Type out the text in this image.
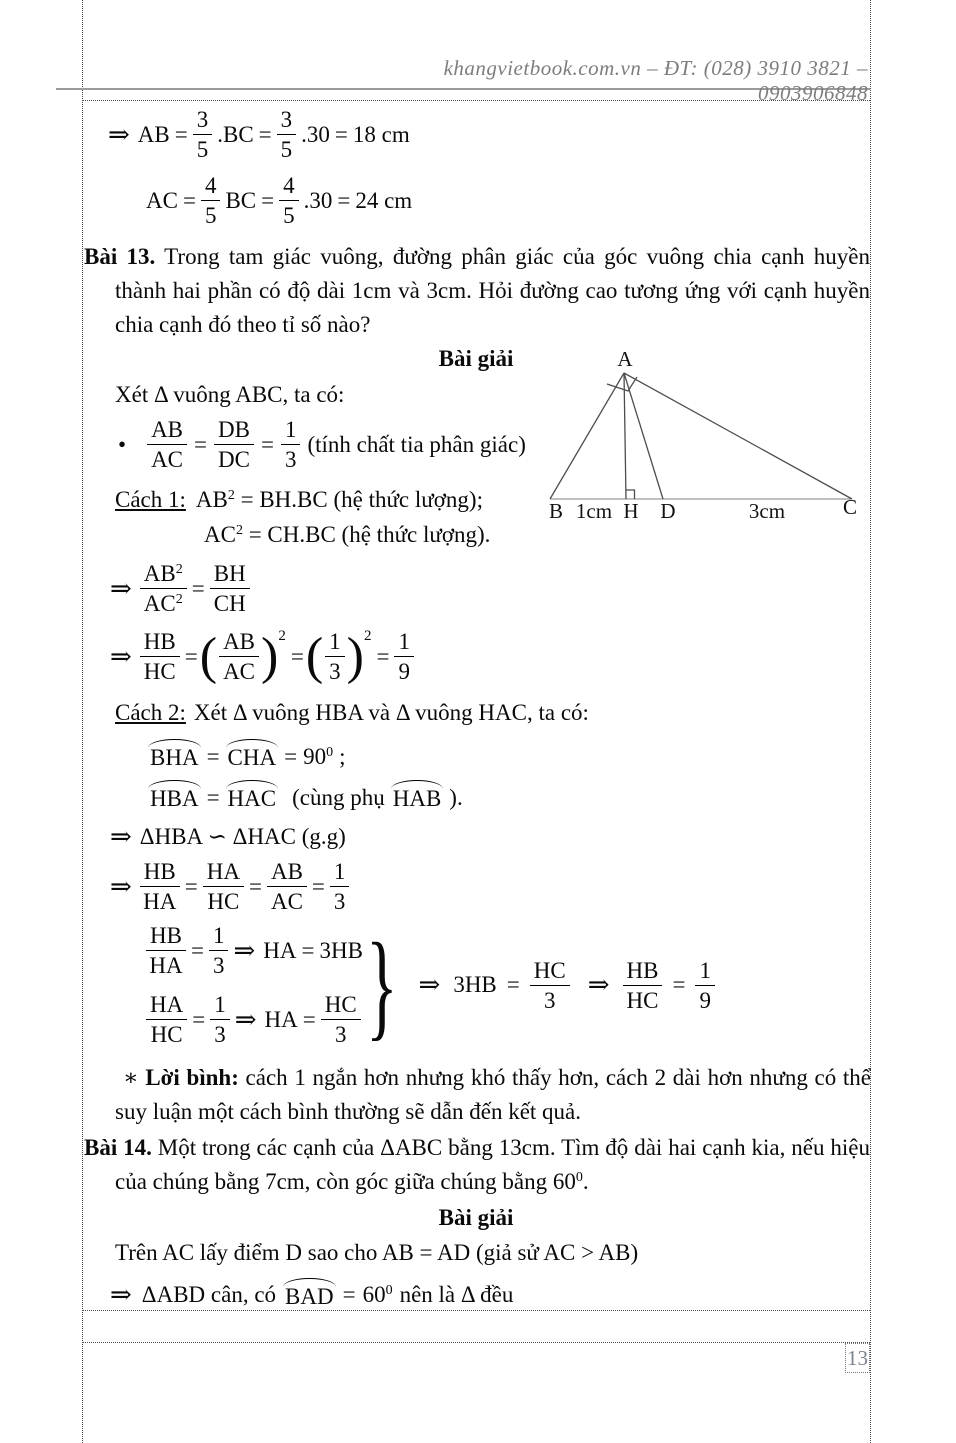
khangvietbook.com.vn – ĐT: (028) 3910 3821 – 0903906848
⇒ AB = $\frac{3}{5} .BC = \frac{3}{5} .30 = 18$ cm
AC = $\frac{4}{5}$ BC = $\frac{4}{5} .30 = 24$ cm
Bài 13. Trong tam giác vuông, đường phân giác của góc vuông chia cạnh huyền thành hai phần có độ dài 1cm và 3cm. Hỏi đường cao tương ứng với cạnh huyền chia cạnh đó theo tỉ số nào?
Bài giải	A
B 1cm H D	3cm	C
Xét Δ vuông ABC, ta có:
• $\frac{AB}{AC} = \frac{DB}{DC} = \frac{1}{3}$ (tính chất tia phân giác)
Cách 1: $AB^2 = BH.BC$ (hệ thức lượng);
$AC^2 = CH.BC$ (hệ thức lượng).
⇒ $\frac{AB^2}{AC^2} = \frac{BH}{CH}$
⇒ $\frac{HB}{HC}$ = ( $\frac{AB}{AC}$ ) 2
= ( $\frac{1}{3}$ ) 2
= $\frac{1}{9}$
Cách 2: Xét Δ vuông HBA và Δ vuông HAC, ta có:
BHA = CHA = $90^0$ ;
HBA = HAC (cùng phụ HAB ).
⇒ ΔHBA ∽ ΔHAC (g.g)
⇒ $\frac{HB}{HA} = \frac{HA}{HC} = \frac{AB}{AC} = \frac{1}{3}$
$\frac{HB}{HA} = \frac{1}{3}$ ⇒ HA = 3HB
$\frac{HA}{HC} = \frac{1}{3}$ ⇒ HA = $\frac{HC}{3}$ } ⇒ $3HB = \frac{HC}{3}$ ⇒ $\frac{HB}{HC} = \frac{1}{9}$
∗ Lời bình: cách 1 ngắn hơn nhưng khó thấy hơn, cách 2 dài hơn nhưng có thể suy luận một cách bình thường sẽ dẫn đến kết quả.
Bài 14. Một trong các cạnh của ΔABC bằng 13cm. Tìm độ dài hai cạnh kia, nếu hiệu của chúng bằng 7cm, còn góc giữa chúng bằng $60^0$.
Bài giải
Trên AC lấy điểm D sao cho AB = AD (giả sử AC > AB)
⇒ ΔABD cân, có BAD = $60^0$ nên là Δ đều
13
